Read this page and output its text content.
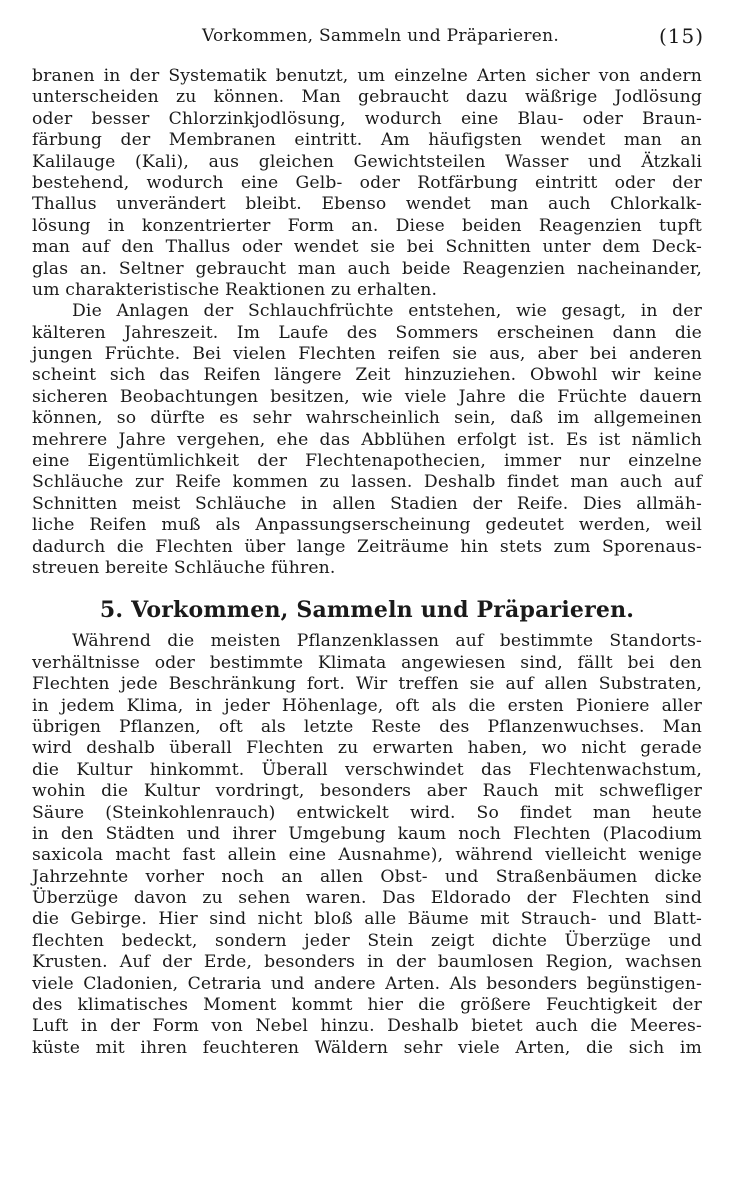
Vorkommen, Sammeln und Präparieren.	(15)
branen in der Systematik benutzt, um einzelne Arten sicher von andern
unterscheiden zu können. Man gebraucht dazu wäßrige Jodlösung
oder besser Chlorzinkjodlösung, wodurch eine Blau- oder Braun-
färbung der Membranen eintritt. Am häufigsten wendet man an
Kalilauge (Kali), aus gleichen Gewichtsteilen Wasser und Ätzkali
bestehend, wodurch eine Gelb- oder Rotfärbung eintritt oder der
Thallus unverändert bleibt. Ebenso wendet man auch Chlorkalk-
lösung in konzentrierter Form an. Diese beiden Reagenzien tupft
man auf den Thallus oder wendet sie bei Schnitten unter dem Deck-
glas an. Seltner gebraucht man auch beide Reagenzien nacheinander,
um charakteristische Reaktionen zu erhalten.
Die Anlagen der Schlauchfrüchte entstehen, wie gesagt, in der
kälteren Jahreszeit. Im Laufe des Sommers erscheinen dann die
jungen Früchte. Bei vielen Flechten reifen sie aus, aber bei anderen
scheint sich das Reifen längere Zeit hinzuziehen. Obwohl wir keine
sicheren Beobachtungen besitzen, wie viele Jahre die Früchte dauern
können, so dürfte es sehr wahrscheinlich sein, daß im allgemeinen
mehrere Jahre vergehen, ehe das Abblühen erfolgt ist. Es ist nämlich
eine Eigentümlichkeit der Flechtenapothecien, immer nur einzelne
Schläuche zur Reife kommen zu lassen. Deshalb findet man auch auf
Schnitten meist Schläuche in allen Stadien der Reife. Dies allmäh-
liche Reifen muß als Anpassungserscheinung gedeutet werden, weil
dadurch die Flechten über lange Zeiträume hin stets zum Sporenaus-
streuen bereite Schläuche führen.
5. Vorkommen, Sammeln und Präparieren.
Während die meisten Pflanzenklassen auf bestimmte Standorts-
verhältnisse oder bestimmte Klimata angewiesen sind, fällt bei den
Flechten jede Beschränkung fort. Wir treffen sie auf allen Substraten,
in jedem Klima, in jeder Höhenlage, oft als die ersten Pioniere aller
übrigen Pflanzen, oft als letzte Reste des Pflanzenwuchses. Man
wird deshalb überall Flechten zu erwarten haben, wo nicht gerade
die Kultur hinkommt. Überall verschwindet das Flechtenwachstum,
wohin die Kultur vordringt, besonders aber Rauch mit schwefliger
Säure (Steinkohlenrauch) entwickelt wird. So findet man heute
in den Städten und ihrer Umgebung kaum noch Flechten (Placodium
saxicola macht fast allein eine Ausnahme), während vielleicht wenige
Jahrzehnte vorher noch an allen Obst- und Straßenbäumen dicke
Überzüge davon zu sehen waren. Das Eldorado der Flechten sind
die Gebirge. Hier sind nicht bloß alle Bäume mit Strauch- und Blatt-
flechten bedeckt, sondern jeder Stein zeigt dichte Überzüge und
Krusten. Auf der Erde, besonders in der baumlosen Region, wachsen
viele Cladonien, Cetraria und andere Arten. Als besonders begünstigen-
des klimatisches Moment kommt hier die größere Feuchtigkeit der
Luft in der Form von Nebel hinzu. Deshalb bietet auch die Meeres-
küste mit ihren feuchteren Wäldern sehr viele Arten, die sich im
